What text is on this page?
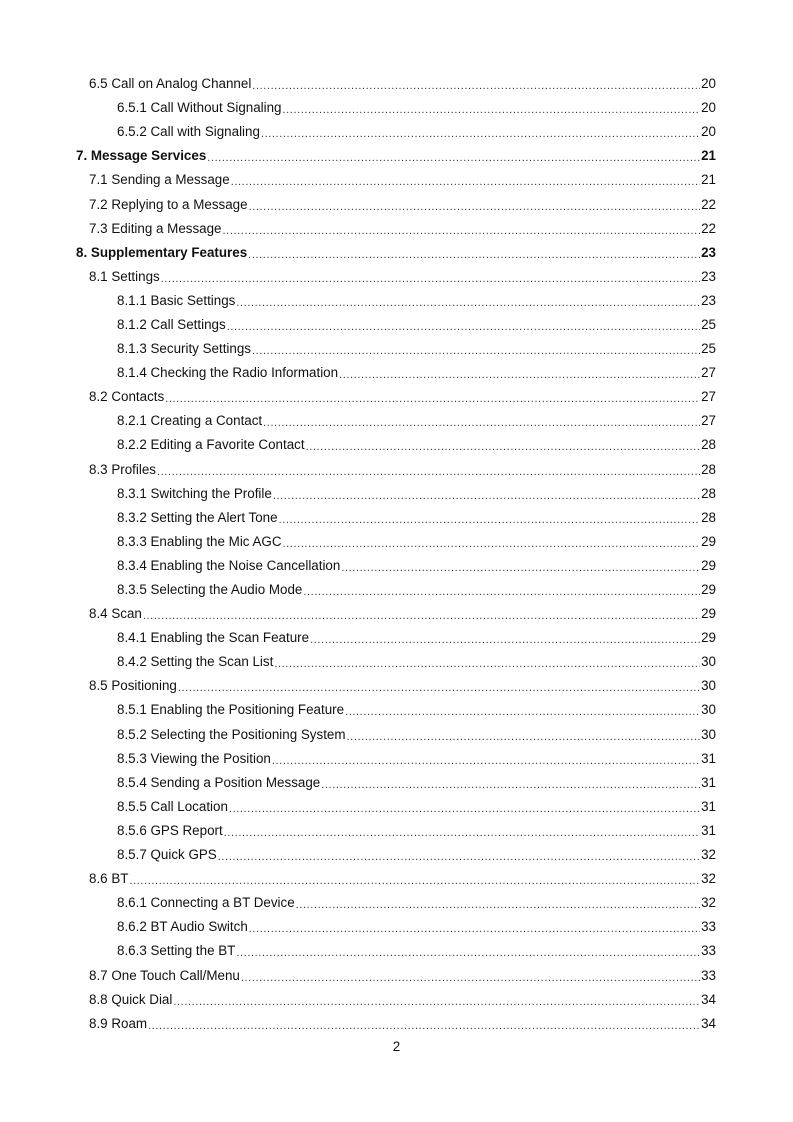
6.5 Call on Analog Channel .....	20
6.5.1 Call Without Signaling .....	20
6.5.2 Call with Signaling .....	20
7. Message Services .....	21
7.1 Sending a Message .....	21
7.2 Replying to a Message .....	22
7.3 Editing a Message .....	22
8. Supplementary Features .....	23
8.1 Settings .....	23
8.1.1 Basic Settings .....	23
8.1.2 Call Settings .....	25
8.1.3 Security Settings .....	25
8.1.4 Checking the Radio Information .....	27
8.2 Contacts .....	27
8.2.1 Creating a Contact .....	27
8.2.2 Editing a Favorite Contact .....	28
8.3 Profiles .....	28
8.3.1 Switching the Profile .....	28
8.3.2 Setting the Alert Tone .....	28
8.3.3 Enabling the Mic AGC .....	29
8.3.4 Enabling the Noise Cancellation .....	29
8.3.5 Selecting the Audio Mode .....	29
8.4 Scan .....	29
8.4.1 Enabling the Scan Feature .....	29
8.4.2 Setting the Scan List .....	30
8.5 Positioning .....	30
8.5.1 Enabling the Positioning Feature .....	30
8.5.2 Selecting the Positioning System .....	30
8.5.3 Viewing the Position .....	31
8.5.4 Sending a Position Message .....	31
8.5.5 Call Location .....	31
8.5.6 GPS Report .....	31
8.5.7 Quick GPS .....	32
8.6 BT .....	32
8.6.1 Connecting a BT Device .....	32
8.6.2 BT Audio Switch .....	33
8.6.3 Setting the BT .....	33
8.7 One Touch Call/Menu .....	33
8.8 Quick Dial .....	34
8.9 Roam .....	34
2
